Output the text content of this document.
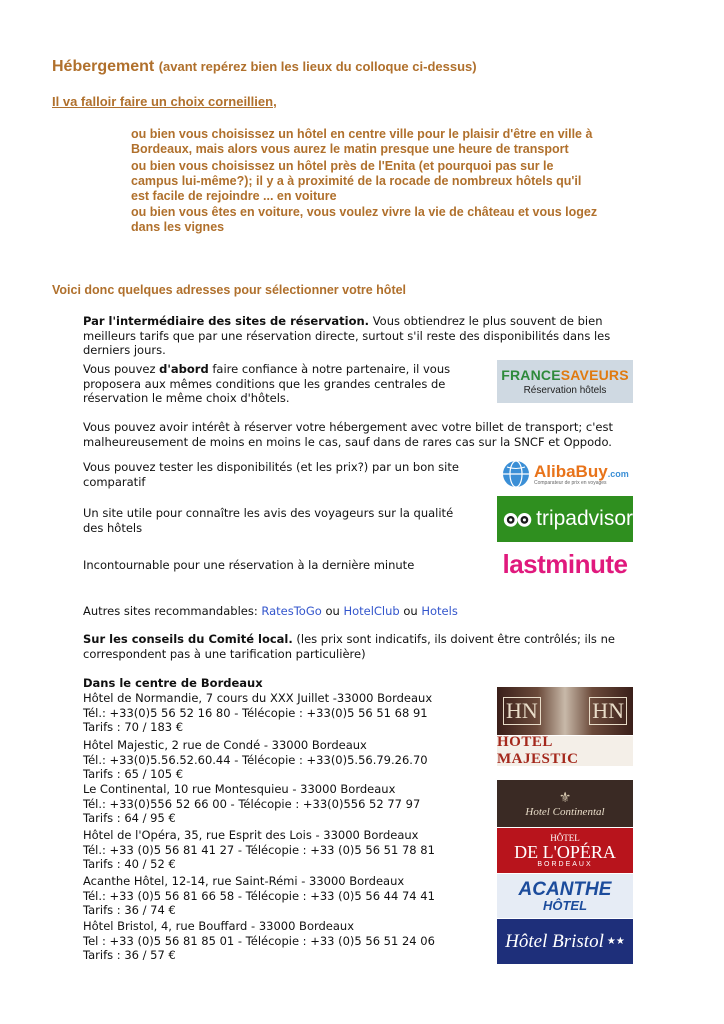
Hébergement (avant repérez bien les lieux du colloque ci-dessus)
Il va falloir faire un choix corneillien,
ou bien vous choisissez un hôtel en centre ville pour le plaisir d'être en ville à Bordeaux, mais alors vous aurez le matin presque une heure de transport
ou bien vous choisissez un hôtel près de l'Enita (et pourquoi pas sur le campus lui-même?); il y a à proximité de la rocade de nombreux hôtels qu'il est facile de rejoindre ... en voiture
ou bien vous êtes en voiture, vous voulez vivre la vie de château et vous logez dans les vignes
Voici donc quelques adresses pour sélectionner votre hôtel
Par l'intermédiaire des sites de réservation. Vous obtiendrez le plus souvent de bien meilleurs tarifs que par une réservation directe, surtout s'il reste des disponibilités dans les derniers jours.
Vous pouvez d'abord faire confiance à notre partenaire, il vous proposera aux mêmes conditions que les grandes centrales de réservation le même choix d'hôtels.
FRANCESAVEURS
Réservation hôtels
Vous pouvez avoir intérêt à réserver votre hébergement avec votre billet de transport; c'est malheureusement de moins en moins le cas, sauf dans de rares cas sur la SNCF et Oppodo.
Vous pouvez tester les disponibilités (et les prix?) par un bon site comparatif
AlibaBuy.com
Comparateur de prix en voyages
Un site utile pour connaître les avis des voyageurs sur la qualité des hôtels	tripadvisor
Incontournable pour une réservation à la dernière minute	lastminute
Autres sites recommandables: RatesToGo ou HotelClub ou Hotels
Sur les conseils du Comité local. (les prix sont indicatifs, ils doivent être contrôlés; ils ne correspondent pas à une tarification particulière)
Dans le centre de Bordeaux
Hôtel de Normandie, 7 cours du XXX Juillet -33000 Bordeaux
Tél.: +33(0)5 56 52 16 80 - Télécopie : +33(0)5 56 51 68 91
Tarifs : 70 / 183 €
Hôtel Majestic, 2 rue de Condé - 33000 Bordeaux
Tél.: +33(0)5.56.52.60.44 - Télécopie : +33(0)5.56.79.26.70
Tarifs : 65 / 105 €
Le Continental, 10 rue Montesquieu - 33000 Bordeaux
Tél.: +33(0)556 52 66 00 - Télécopie : +33(0)556 52 77 97
Tarifs : 64 / 95 €
Hôtel de l'Opéra, 35, rue Esprit des Lois - 33000 Bordeaux
Tél.: +33 (0)5 56 81 41 27 - Télécopie : +33 (0)5 56 51 78 81
Tarifs : 40 / 52 €
Acanthe Hôtel, 12-14, rue Saint-Rémi - 33000 Bordeaux
Tél.: +33 (0)5 56 81 66 58 - Télécopie : +33 (0)5 56 44 74 41
Tarifs : 36 / 74 €
Hôtel Bristol, 4, rue Bouffard - 33000 Bordeaux
Tel : +33 (0)5 56 81 85 01 - Télécopie : +33 (0)5 56 51 24 06
Tarifs : 36 / 57 €
HN HN
HOTEL MAJESTIC
⚜
Hotel Continental
HÔTEL
DE L'OPÉRA
BORDEAUX
ACANTHE
HÔTEL
Hôtel Bristol ★★
